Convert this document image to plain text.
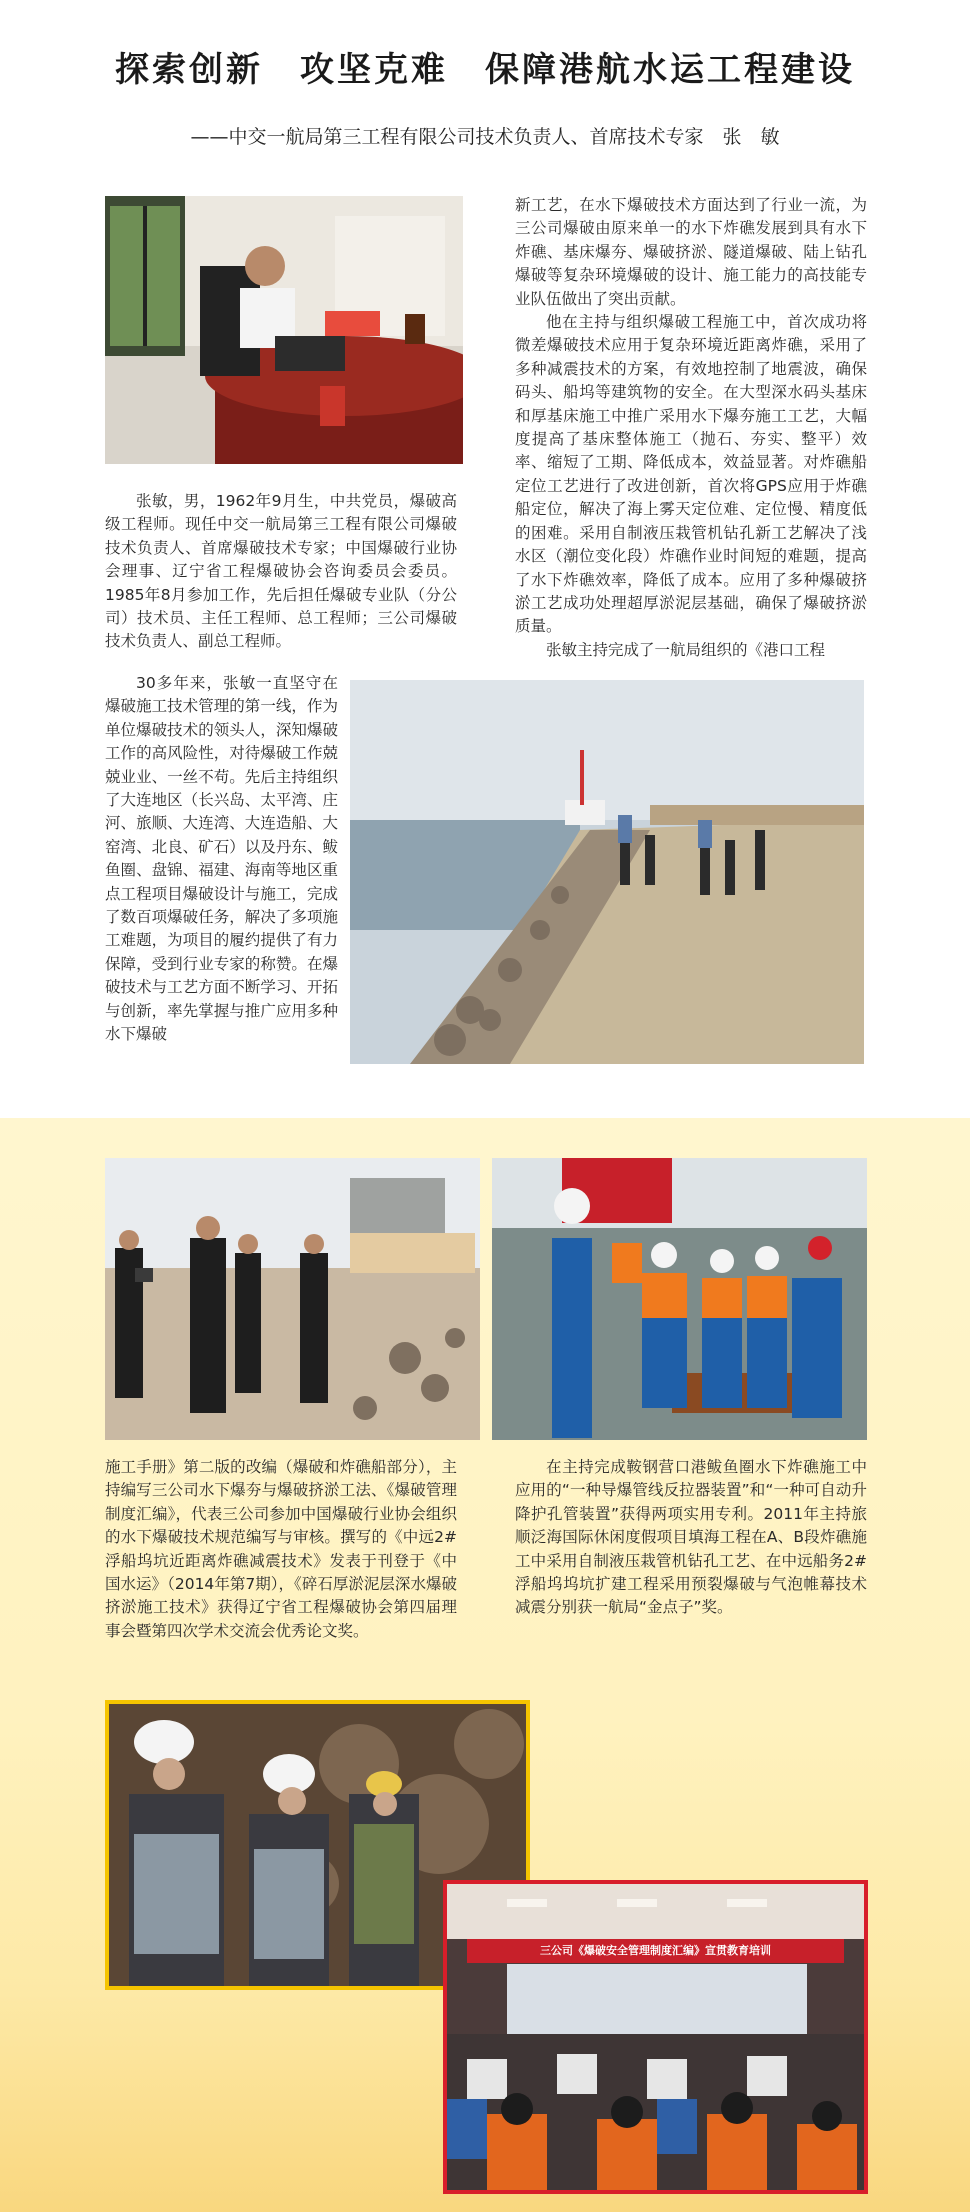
探索创新　攻坚克难　保障港航水运工程建设
——中交一航局第三工程有限公司技术负责人、首席技术专家　张　敏

张敏，男，1962年9月生，中共党员，爆破高级工程师。现任中交一航局第三工程有限公司爆破技术负责人、首席爆破技术专家；中国爆破行业协会理事、辽宁省工程爆破协会咨询委员会委员。1985年8月参加工作，先后担任爆破专业队（分公司）技术员、主任工程师、总工程师；三公司爆破技术负责人、副总工程师。

30多年来，张敏一直坚守在爆破施工技术管理的第一线，作为单位爆破技术的领头人，深知爆破工作的高风险性，对待爆破工作兢兢业业、一丝不苟。先后主持组织了大连地区（长兴岛、太平湾、庄河、旅顺、大连湾、大连造船、大窑湾、北良、矿石）以及丹东、鲅鱼圈、盘锦、福建、海南等地区重点工程项目爆破设计与施工，完成了数百项爆破任务，解决了多项施工难题，为项目的履约提供了有力保障，受到行业专家的称赞。在爆破技术与工艺方面不断学习、开拓与创新，率先掌握与推广应用多种水下爆破

新工艺，在水下爆破技术方面达到了行业一流，为三公司爆破由原来单一的水下炸礁发展到具有水下炸礁、基床爆夯、爆破挤淤、隧道爆破、陆上钻孔爆破等复杂环境爆破的设计、施工能力的高技能专业队伍做出了突出贡献。

他在主持与组织爆破工程施工中，首次成功将微差爆破技术应用于复杂环境近距离炸礁，采用了多种减震技术的方案，有效地控制了地震波，确保码头、船坞等建筑物的安全。在大型深水码头基床和厚基床施工中推广采用水下爆夯施工工艺，大幅度提高了基床整体施工（抛石、夯实、整平）效率、缩短了工期、降低成本，效益显著。对炸礁船定位工艺进行了改进创新，首次将GPS应用于炸礁船定位，解决了海上雾天定位难、定位慢、精度低的困难。采用自制液压栽管机钻孔新工艺解决了浅水区（潮位变化段）炸礁作业时间短的难题，提高了水下炸礁效率，降低了成本。应用了多种爆破挤淤工艺成功处理超厚淤泥层基础，确保了爆破挤淤质量。

张敏主持完成了一航局组织的《港口工程

施工手册》第二版的改编（爆破和炸礁船部分），主持编写三公司水下爆夯与爆破挤淤工法、《爆破管理制度汇编》，代表三公司参加中国爆破行业协会组织的水下爆破技术规范编写与审核。撰写的《中远2#浮船坞坑近距离炸礁减震技术》发表于刊登于《中国水运》（2014年第7期），《碎石厚淤泥层深水爆破挤淤施工技术》获得辽宁省工程爆破协会第四届理事会暨第四次学术交流会优秀论文奖。

在主持完成鞍钢营口港鲅鱼圈水下炸礁施工中应用的“一种导爆管线反拉器装置”和“一种可自动升降护孔管装置”获得两项实用专利。2011年主持旅顺泛海国际休闲度假项目填海工程在A、B段炸礁施工中采用自制液压栽管机钻孔工艺、在中远船务2#浮船坞坞坑扩建工程采用预裂爆破与气泡帷幕技术减震分别获一航局“金点子”奖。

三公司《爆破安全管理制度汇编》宣贯教育培训
